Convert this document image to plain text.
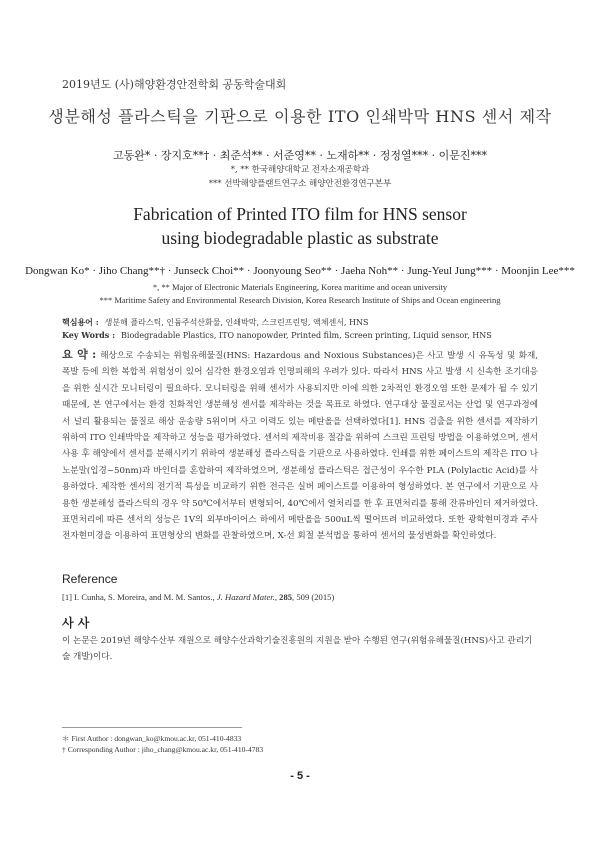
2019년도 (사)해양환경안전학회 공동학술대회
생분해성 플라스틱을 기판으로 이용한 ITO 인쇄박막 HNS 센서 제작
고동완* · 장지호**† · 최준석** · 서준영** · 노재하** · 정정열*** · 이문진***
*, ** 한국해양대학교 전자소재공학과
*** 선박해양플랜트연구소 해양안전환경연구본부
Fabrication of Printed ITO film for HNS sensor
using biodegradable plastic as substrate
Dongwan Ko* · Jiho Chang**† · Junseck Choi** · Joonyoung Seo** · Jaeha Noh** · Jung-Yeul Jung*** · Moonjin Lee***
*, ** Major of Electronic Materials Engineering, Korea maritime and ocean university
*** Maritime Safety and Environmental Research Division, Korea Research Institute of Ships and Ocean engineering
핵심용어 : 생분해 플라스틱, 인듐주석산화물, 인쇄박막, 스크린프린팅, 액체센서, HNS
Key Words : Biodegradable Plastics, ITO nanopowder, Printed film, Screen printing, Liquid sensor, HNS
요 약 : 해상으로 수송되는 위험유해물질(HNS: Hazardous and Noxious Substances)은 사고 발생 시 유독성 및 화재, 폭발 등에 의한 복합적 위험성이 있어 심각한 환경오염과 인명피해의 우려가 있다. 따라서 HNS 사고 발생 시 신속한 조기대응을 위한 실시간 모니터링이 필요하다. 모니터링을 위해 센서가 사용되지만 이에 의한 2차적인 환경오염 또한 문제가 될 수 있기 때문에, 본 연구에서는 환경 친화적인 생분해성 센서를 제작하는 것을 목표로 하였다. 연구대상 물질로서는 산업 및 연구과정에서 널리 활용되는 물질로 해상 운송량 5위이며 사고 이력도 있는 메탄올을 선택하였다[1]. HNS 검출을 위한 센서를 제작하기 위하여 ITO 인쇄박막을 제작하고 성능을 평가하였다. 센서의 제작비용 절감을 위하여 스크린 프린팅 방법을 이용하였으며, 센서 사용 후 해양에서 센서를 분해시키기 위하여 생분해성 플라스틱을 기판으로 사용하였다. 인쇄를 위한 페이스트의 제작은 ITO 나노분말(입경~50nm)과 바인더를 혼합하여 제작하였으며, 생분해성 플라스틱은 접근성이 우수한 PLA (Polylactic Acid)를 사용하였다. 제작한 센서의 전기적 특성을 비교하기 위한 전극은 실버 페이스트를 이용하여 형성하였다. 본 연구에서 기판으로 사용한 생분해성 플라스틱의 경우 약 50℃에서부터 변형되어, 40℃에서 열처리를 한 후 표면처리를 통해 잔류바인더 제거하였다. 표면처리에 따른 센서의 성능은 1V의 외부바이어스 하에서 메탄올을 500uL씩 떨어뜨려 비교하였다. 또한 광학현미경과 주사전자현미경을 이용하여 표면형상의 변화를 관찰하였으며, X-선 회절 분석법을 통하여 센서의 물성변화를 확인하였다.
Reference
[1] I. Cunha, S. Moreira, and M. M. Santos., J. Hazard Mater., 285, 509 (2015)
사 사
이 논문은 2019년 해양수산부 재원으로 해양수산과학기술진흥원의 지원을 받아 수행된 연구(위험유해물질(HNS)사고 관리기술 개발)이다.
＊ First Author : dongwan_ko@kmou.ac.kr, 051-410-4833
† Corresponding Author : jiho_chang@kmou.ac.kr, 051-410-4783
- 5 -
